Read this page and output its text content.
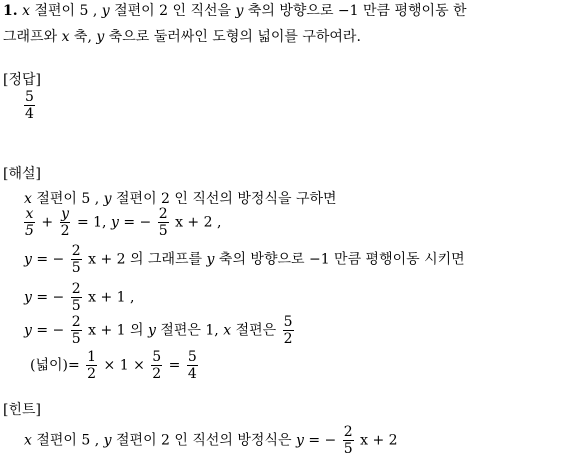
1. x 절편이 5 , y 절편이 2 인 직선을 y 축의 방향으로 −1 만큼 평행이동 한
그래프와 x 축, y 축으로 둘러싸인 도형의 넓이를 구하여라.
[정답]
$\frac{5}{4}$
[해설]
x 절편이 5 , y 절편이 2 인 직선의 방정식을 구하면
$\frac{x}{5} + \frac{y}{2} = 1$, y = − $\frac{2}{5}$ x + 2 ,
y = − $\frac{2}{5}$ x + 2 의 그래프를 y 축의 방향으로 −1 만큼 평행이동 시키면
y = − $\frac{2}{5}$ x + 1 ,
y = − $\frac{2}{5}$ x + 1 의 y 절편은 1, x 절편은 $\frac{5}{2}$
(넓이)= $\frac{1}{2} \times 1 \times \frac{5}{2} = \frac{5}{4}$
[힌트]
x 절편이 5 , y 절편이 2 인 직선의 방정식은 y = − $\frac{2}{5}$ x + 2
